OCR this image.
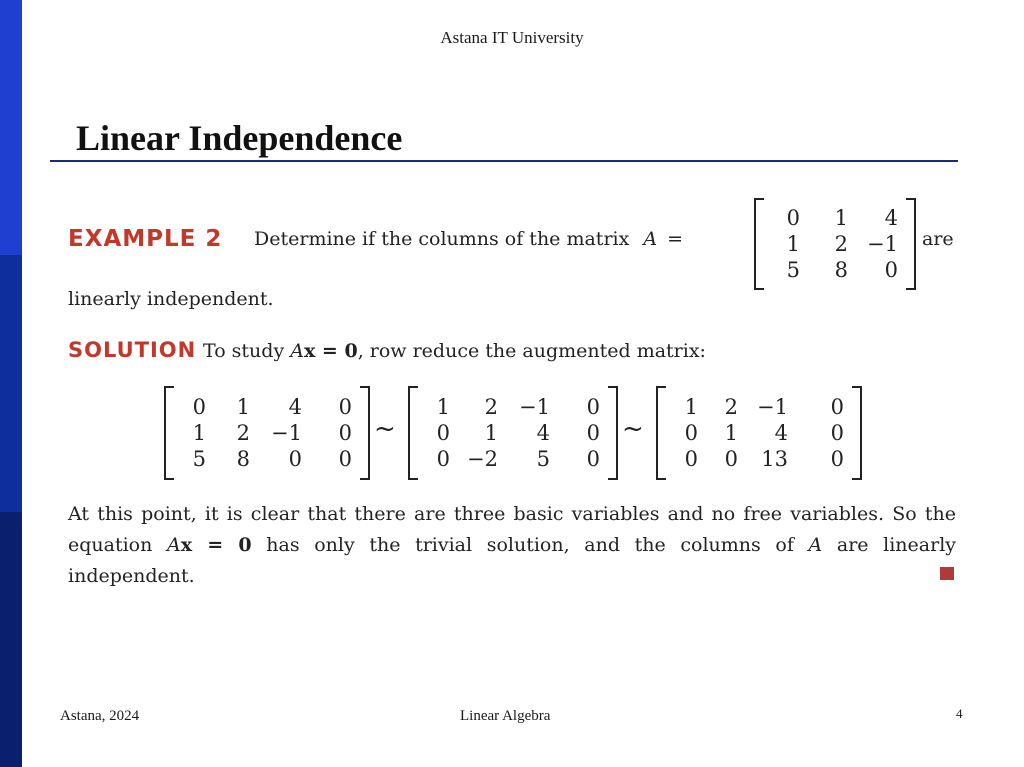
Astana IT University
Linear Independence
EXAMPLE 2 Determine if the columns of the matrix A =
0	1	4
1	2 −1
5	8	0
are
linearly independent.
SOLUTION To study Ax = 0, row reduce the augmented matrix:
0	1	4	0
1	2	−1	0
5	8	0	0
~
1	2	−1	0
0	1	4	0
0 −2	5	0
~
1	2 −1	0
0	1	4	0
0	0	13	0
At this point, it is clear that there are three basic variables and no free variables. So the equation Ax = 0 has only the trivial solution, and the columns of A are linearly independent.
Astana, 2024	Linear Algebra	4
